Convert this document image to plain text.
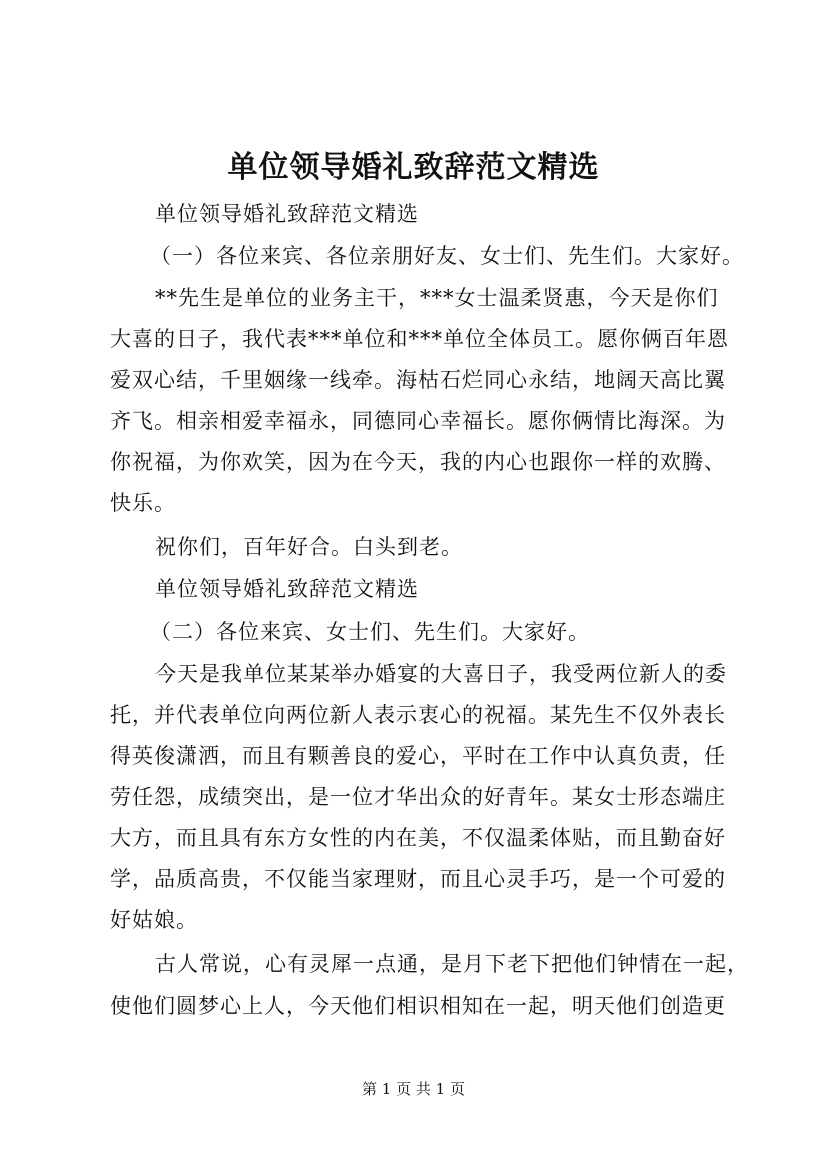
单位领导婚礼致辞范文精选
单位领导婚礼致辞范文精选
（一）各位来宾、各位亲朋好友、女士们、先生们。大家好。
**先生是单位的业务主干，***女士温柔贤惠，今天是你们
大喜的日子，我代表***单位和***单位全体员工。愿你俩百年恩
爱双心结，千里姻缘一线牵。海枯石烂同心永结，地阔天高比翼
齐飞。相亲相爱幸福永，同德同心幸福长。愿你俩情比海深。为
你祝福，为你欢笑，因为在今天，我的内心也跟你一样的欢腾、
快乐。
祝你们，百年好合。白头到老。
单位领导婚礼致辞范文精选
（二）各位来宾、女士们、先生们。大家好。
今天是我单位某某举办婚宴的大喜日子，我受两位新人的委
托，并代表单位向两位新人表示衷心的祝福。某先生不仅外表长
得英俊潇洒，而且有颗善良的爱心，平时在工作中认真负责，任
劳任怨，成绩突出，是一位才华出众的好青年。某女士形态端庄
大方，而且具有东方女性的内在美，不仅温柔体贴，而且勤奋好
学，品质高贵，不仅能当家理财，而且心灵手巧，是一个可爱的
好姑娘。
古人常说，心有灵犀一点通，是月下老下把他们钟情在一起，
使他们圆梦心上人，今天他们相识相知在一起，明天他们创造更
第 1 页 共 1 页
